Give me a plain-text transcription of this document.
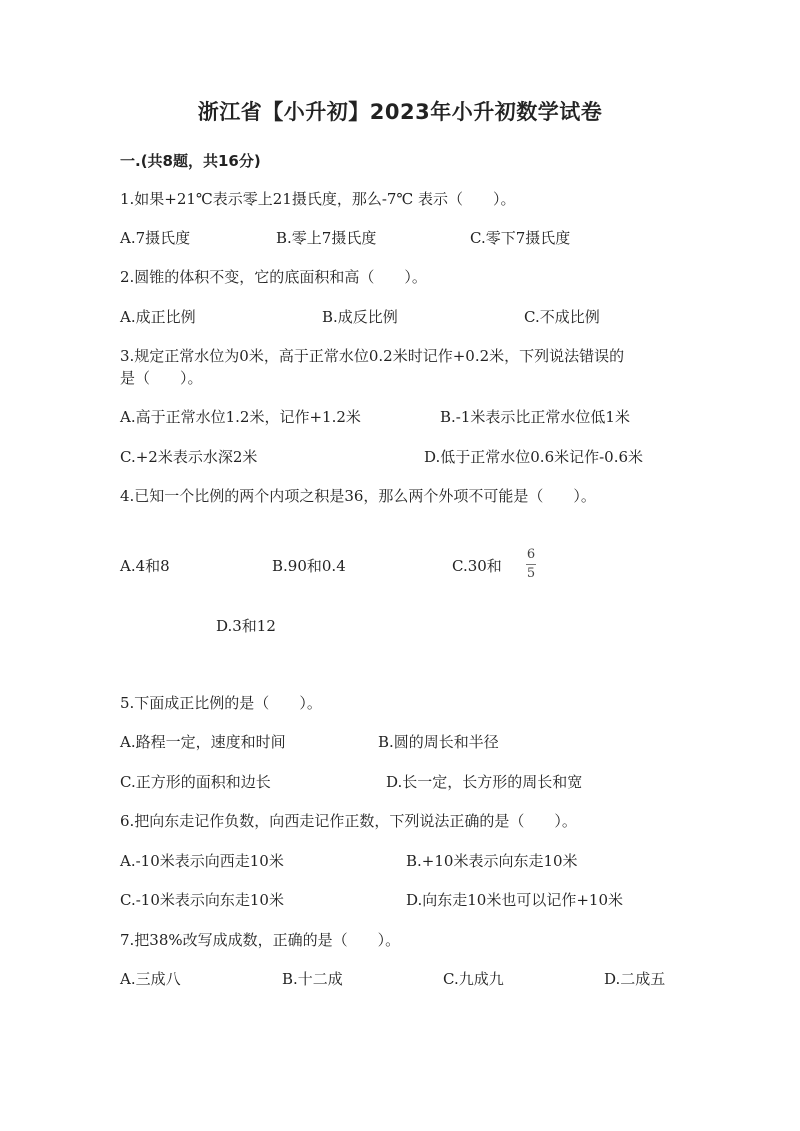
浙江省【小升初】2023年小升初数学试卷
一.(共8题，共16分)
1.如果+21℃表示零上21摄氏度，那么-7℃ 表示（　　）。
A.7摄氏度	B.零上7摄氏度	C.零下7摄氏度
2.圆锥的体积不变，它的底面积和高（　　）。
A.成正比例	B.成反比例	C.不成比例
3.规定正常水位为0米，高于正常水位0.2米时记作+0.2米，下列说法错误的
是（　　）。
A.高于正常水位1.2米，记作+1.2米	B.-1米表示比正常水位低1米
C.+2米表示水深2米	D.低于正常水位0.6米记作-0.6米
4.已知一个比例的两个内项之积是36，那么两个外项不可能是（　　）。
A.4和8	B.90和0.4	C.30和
6
5
D.3和12
5.下面成正比例的是（　　）。
A.路程一定，速度和时间	B.圆的周长和半径
C.正方形的面积和边长	D.长一定，长方形的周长和宽
6.把向东走记作负数，向西走记作正数，下列说法正确的是（　　）。
A.-10米表示向西走10米	B.+10米表示向东走10米
C.-10米表示向东走10米	D.向东走10米也可以记作+10米
7.把38%改写成成数，正确的是（　　）。
A.三成八	B.十二成	C.九成九	D.二成五
